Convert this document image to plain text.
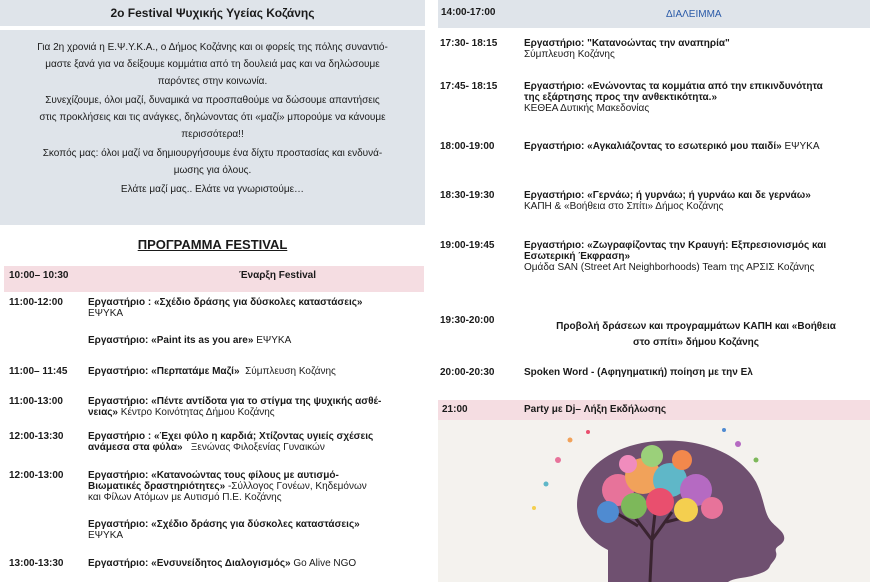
2ο Festival Ψυχικής Υγείας Κοζάνης

Για 2η χρονιά η Ε.Ψ.Υ.Κ.Α., ο Δήμος Κοζάνης και οι φορείς της πόλης συναντιό-
μαστε ξανά για να δείξουμε κομμάτια από τη δουλειά μας και να δηλώσουμε
παρόντες στην κοινωνία.

Συνεχίζουμε, όλοι μαζί, δυναμικά να προσπαθούμε να δώσουμε απαντήσεις
στις προκλήσεις και τις ανάγκες, δηλώνοντας ότι «μαζί» μπορούμε να κάνουμε
περισσότερα!!

Σκοπός μας: όλοι μαζί να δημιουργήσουμε ένα δίχτυ προστασίας και ενδυνά-
μωσης για όλους.

Ελάτε μαζί μας.. Ελάτε να γνωριστούμε…

ΠΡΟΓΡΑΜΜΑ FESTIVAL
10:00– 10:30	Έναρξη Festival
11:00-12:00	Εργαστήριο : «Σχέδιο δράσης για δύσκολες καταστάσεις»
ΕΨΥΚΑ
Εργαστήριο: «Paint its as you are» ΕΨΥΚΑ
11:00– 11:45 Εργαστήριο: «Περπατάμε Μαζί» Σύμπλευση Κοζάνης
11:00-13:00	Εργαστήριο: «Πέντε αντίδοτα για το στίγμα της ψυχικής ασθέ-
νειας» Κέντρο Κοινότητας Δήμου Κοζάνης
12:00-13:30 Εργαστήριο : «Έχει φύλο η καρδιά; Χτίζοντας υγιείς σχέσεις
ανάμεσα στα φύλα» Ξενώνας Φιλοξενίας Γυναικών
12:00-13:00 Εργαστήριο: «Κατανοώντας τους φίλους με αυτισμό-
Βιωματικές δραστηριότητες» -Σύλλογος Γονέων, Κηδεμόνων
και Φίλων Ατόμων με Αυτισμό Π.Ε. Κοζάνης
Εργαστήριο: «Σχέδιο δράσης για δύσκολες καταστάσεις»
ΕΨΥΚΑ
13:00-13:30 Εργαστήριο: «Ενσυνείδητος Διαλογισμός» Go Alive NGO
14:00-17:00	ΔΙΑΛΕΙΜΜΑ
17:30- 18:15	Εργαστήριο: "Κατανοώντας την αναπηρία"
Σύμπλευση Κοζάνης
17:45- 18:15	Εργαστήριο: «Ενώνοντας τα κομμάτια από την επικινδυνότητα
της εξάρτησης προς την ανθεκτικότητα.»
ΚΕΘΕΑ Δυτικής Μακεδονίας
18:00-19:00	Εργαστήριο: «Αγκαλιάζοντας το εσωτερικό μου παιδί» ΕΨΥΚΑ
18:30-19:30	Εργαστήριο: «Γερνάω; ή γυρνάω; ή γυρνάω και δε γερνάω»
ΚΑΠΗ & «Βοήθεια στο Σπίτι» Δήμος Κοζάνης
19:00-19:45	Εργαστήριο: «Ζωγραφίζοντας την Κραυγή: Εξπρεσιονισμός και
Εσωτερική Έκφραση»
Ομάδα SAN (Street Art Neighborhoods) Team της ΑΡΣΙΣ Κοζάνης
19:30-20:00
Προβολή δράσεων και προγραμμάτων ΚΑΠΗ και «Βοήθεια
στο σπίτι» δήμου Κοζάνης
20:00-20:30	Spoken Word - (Αφηγηματική) ποίηση με την Ελ
21:00	Party με Dj– Λήξη Εκδήλωσης
